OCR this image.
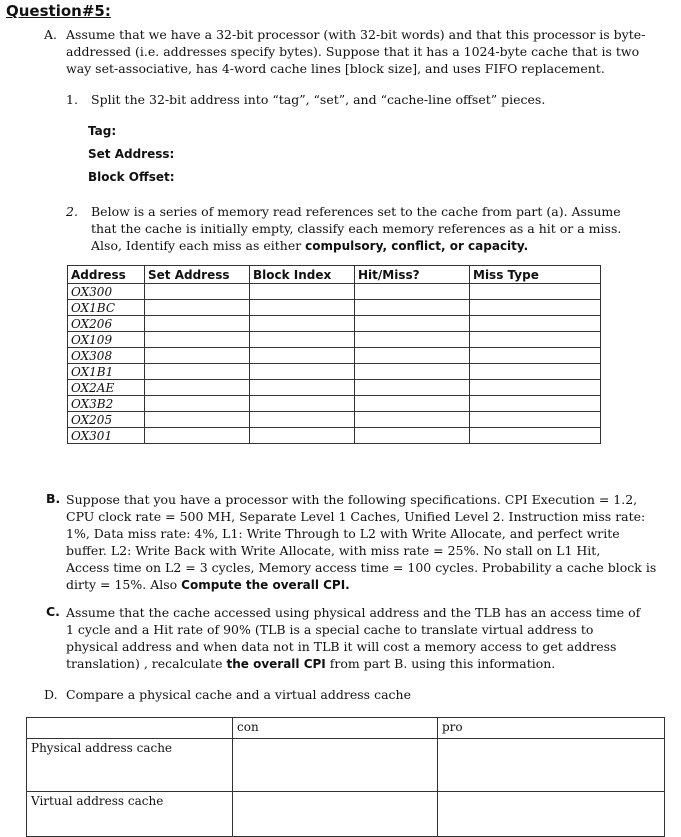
Question#5:
A. Assume that we have a 32-bit processor (with 32-bit words) and that this processor is byte-
addressed (i.e. addresses specify bytes). Suppose that it has a 1024-byte cache that is two
way set-associative, has 4-word cache lines [block size], and uses FIFO replacement.
1. Split the 32-bit address into “tag”, “set”, and “cache-line offset” pieces.
Tag:
Set Address:
Block Offset:
2. Below is a series of memory read references set to the cache from part (a). Assume
that the cache is initially empty, classify each memory references as a hit or a miss.
Also, Identify each miss as either compulsory, conflict, or capacity.
Address	Set Address	Block Index	Hit/Miss?	Miss Type
OX300				
OX1BC				
OX206				
OX109				
OX308				
OX1B1				
OX2AE				
OX3B2				
OX205				
OX301				
B. Suppose that you have a processor with the following specifications. CPI Execution = 1.2,
CPU clock rate = 500 MH, Separate Level 1 Caches, Unified Level 2. Instruction miss rate:
1%, Data miss rate: 4%, L1: Write Through to L2 with Write Allocate, and perfect write
buffer. L2: Write Back with Write Allocate, with miss rate = 25%. No stall on L1 Hit,
Access time on L2 = 3 cycles, Memory access time = 100 cycles. Probability a cache block is
dirty = 15%. Also Compute the overall CPI.
C. Assume that the cache accessed using physical address and the TLB has an access time of
1 cycle and a Hit rate of 90% (TLB is a special cache to translate virtual address to
physical address and when data not in TLB it will cost a memory access to get address
translation) , recalculate the overall CPI from part B. using this information.
D. Compare a physical cache and a virtual address cache
	con	pro
Physical address cache		
Virtual address cache		
